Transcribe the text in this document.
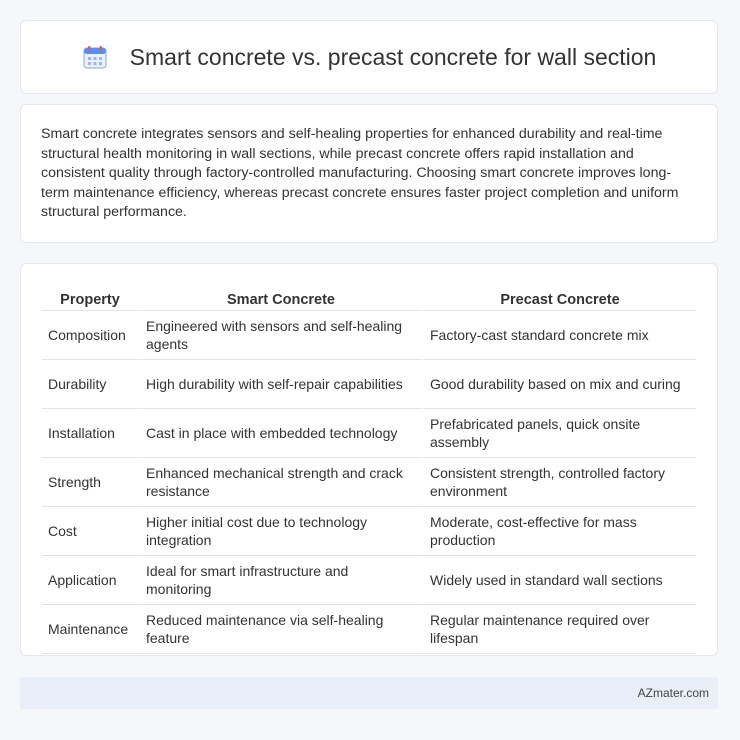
Smart concrete vs. precast concrete for wall section

Smart concrete integrates sensors and self-healing properties for enhanced durability and real-time structural health monitoring in wall sections, while precast concrete offers rapid installation and consistent quality through factory-controlled manufacturing. Choosing smart concrete improves long-term maintenance efficiency, whereas precast concrete ensures faster project completion and uniform structural performance.

Property	Smart Concrete	Precast Concrete
Composition	Engineered with sensors and self-healing agents	Factory-cast standard concrete mix
Durability	High durability with self-repair capabilities	Good durability based on mix and curing
Installation	Cast in place with embedded technology	Prefabricated panels, quick onsite assembly
Strength	Enhanced mechanical strength and crack resistance	Consistent strength, controlled factory environment
Cost	Higher initial cost due to technology integration	Moderate, cost-effective for mass production
Application	Ideal for smart infrastructure and monitoring	Widely used in standard wall sections
Maintenance	Reduced maintenance via self-healing feature	Regular maintenance required over lifespan
AZmater.com
